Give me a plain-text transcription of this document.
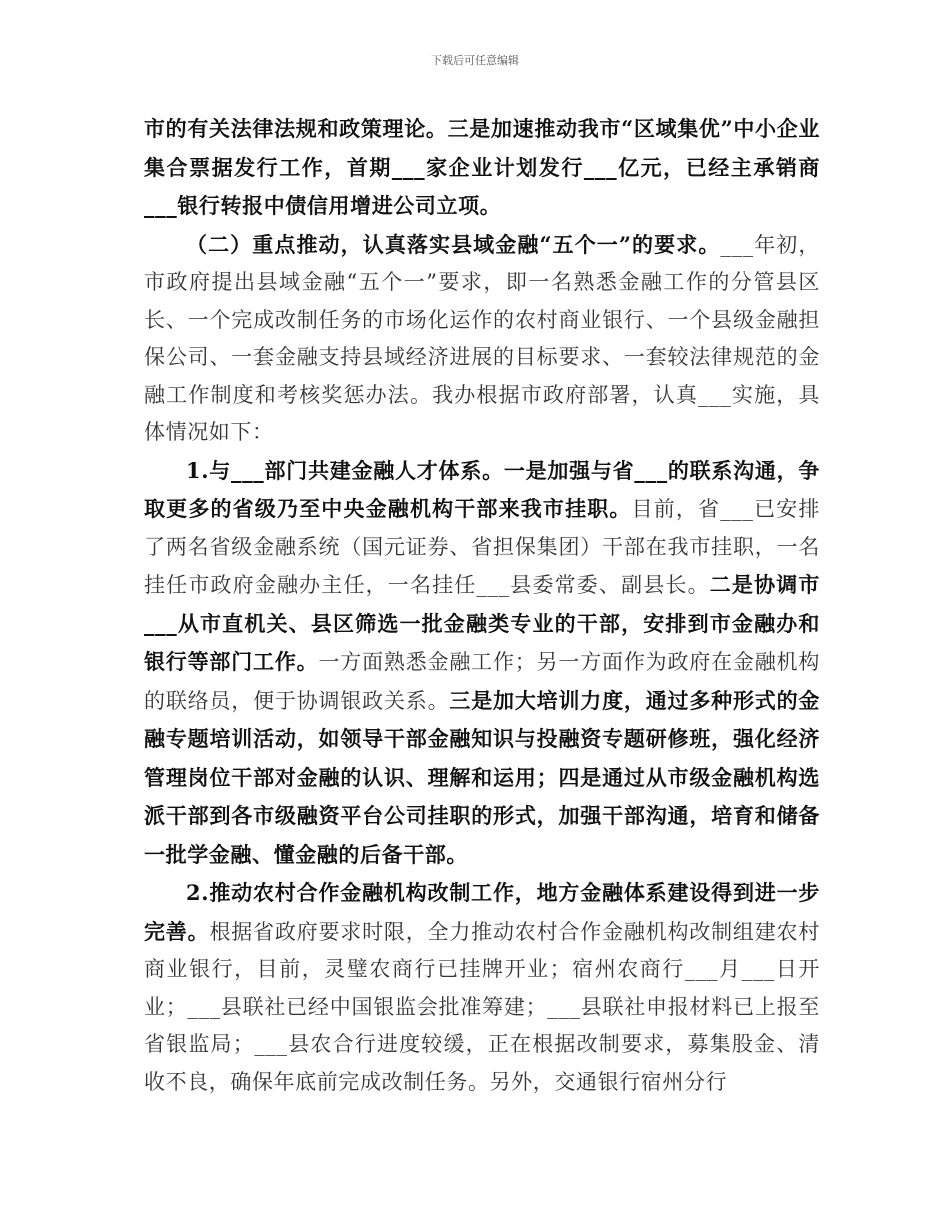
下载后可任意编辑

市的有关法律法规和政策理论。三是加速推动我市“区域集优”中小企业集合票据发行工作，首期___家企业计划发行___亿元，已经主承销商___银行转报中债信用增进公司立项。

（二）重点推动，认真落实县域金融“五个一”的要求。___年初，市政府提出县域金融“五个一”要求，即一名熟悉金融工作的分管县区长、一个完成改制任务的市场化运作的农村商业银行、一个县级金融担保公司、一套金融支持县域经济进展的目标要求、一套较法律规范的金融工作制度和考核奖惩办法。我办根据市政府部署，认真___实施，具体情况如下：

1.与___部门共建金融人才体系。一是加强与省___的联系沟通，争取更多的省级乃至中央金融机构干部来我市挂职。目前，省___已安排了两名省级金融系统（国元证券、省担保集团）干部在我市挂职，一名挂任市政府金融办主任，一名挂任___县委常委、副县长。二是协调市___从市直机关、县区筛选一批金融类专业的干部，安排到市金融办和银行等部门工作。一方面熟悉金融工作；另一方面作为政府在金融机构的联络员，便于协调银政关系。三是加大培训力度，通过多种形式的金融专题培训活动，如领导干部金融知识与投融资专题研修班，强化经济管理岗位干部对金融的认识、理解和运用；四是通过从市级金融机构选派干部到各市级融资平台公司挂职的形式，加强干部沟通，培育和储备一批学金融、懂金融的后备干部。

2.推动农村合作金融机构改制工作，地方金融体系建设得到进一步完善。根据省政府要求时限，全力推动农村合作金融机构改制组建农村商业银行，目前，灵璧农商行已挂牌开业；宿州农商行___月___日开业；___县联社已经中国银监会批准筹建；___县联社申报材料已上报至省银监局；___县农合行进度较缓，正在根据改制要求，募集股金、清收不良，确保年底前完成改制任务。另外，交通银行宿州分行
